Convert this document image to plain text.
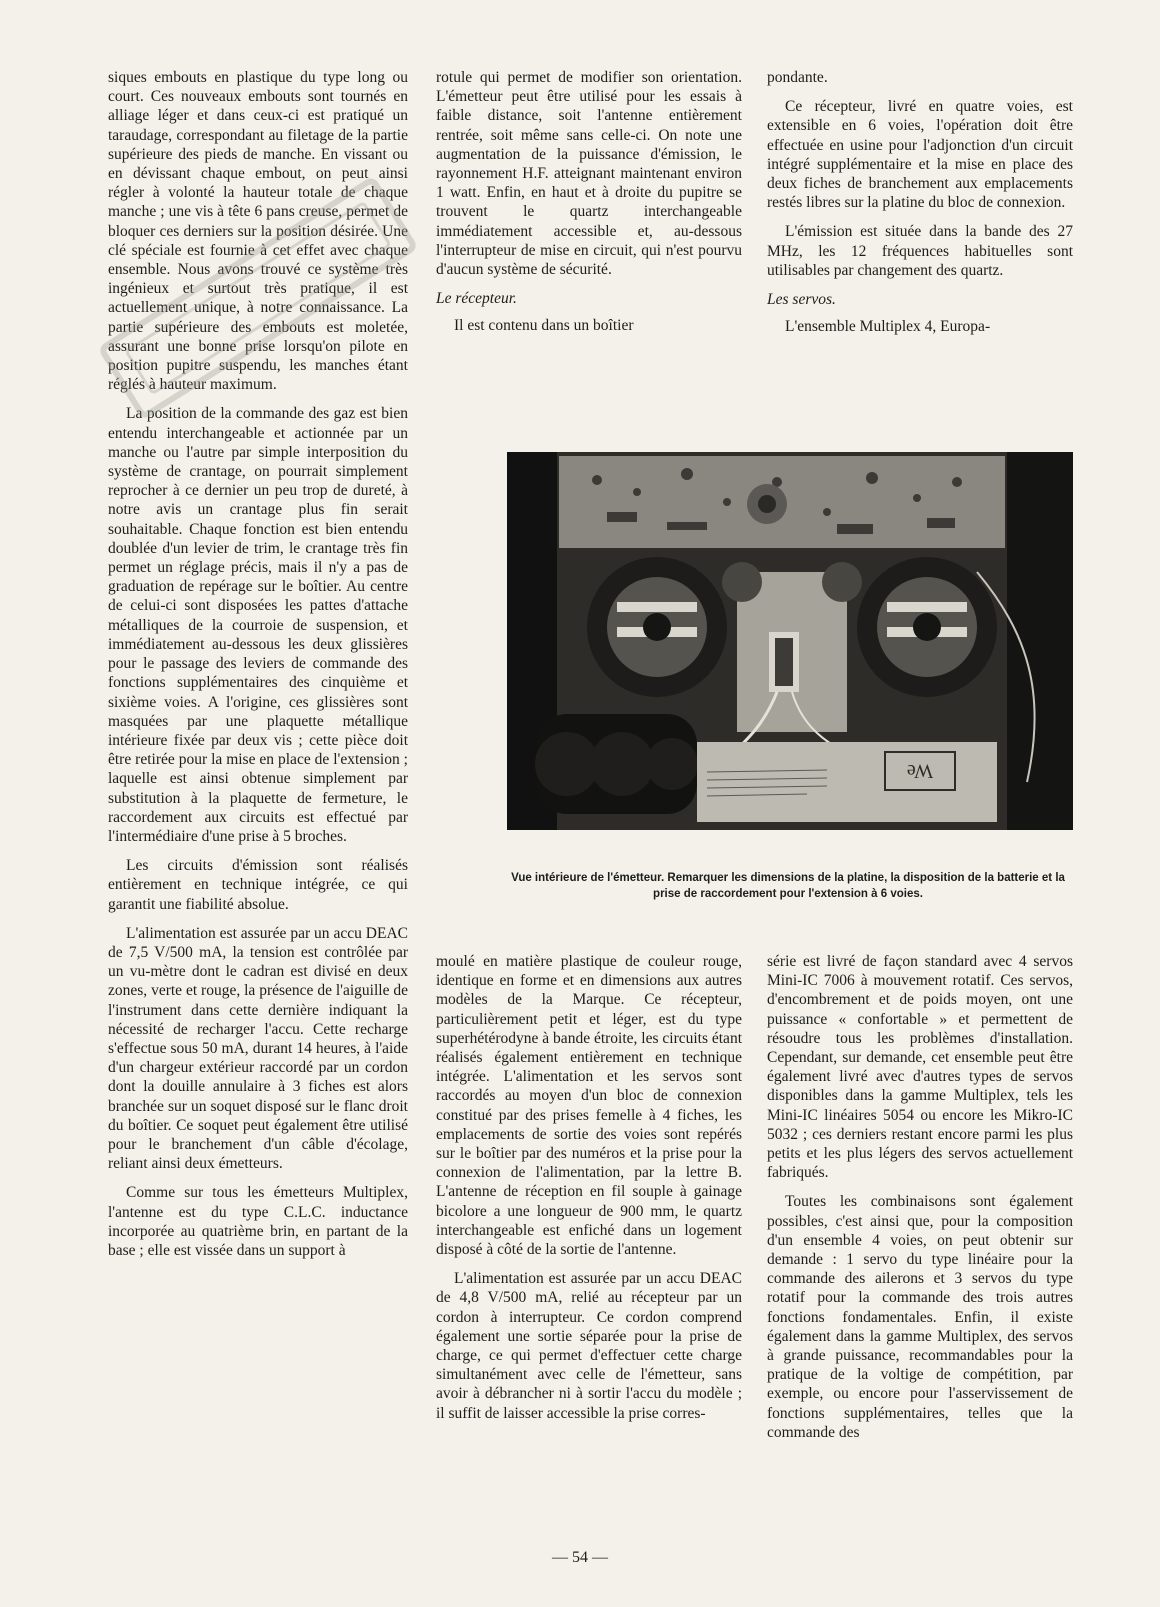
siques embouts en plastique du type long ou court. Ces nouveaux embouts sont tournés en alliage léger et dans ceux-ci est pratiqué un taraudage, correspondant au filetage de la partie supérieure des pieds de manche. En vissant ou en dévissant chaque embout, on peut ainsi régler à volonté la hauteur totale de chaque manche ; une vis à tête 6 pans creuse, permet de bloquer ces derniers sur la position désirée. Une clé spéciale est fournie à cet effet avec chaque ensemble. Nous avons trouvé ce système très ingénieux et surtout très pratique, il est actuellement unique, à notre connaissance. La partie supérieure des embouts est moletée, assurant une bonne prise lorsqu'on pilote en position pupitre suspendu, les manches étant réglés à hauteur maximum.

La position de la commande des gaz est bien entendu interchangeable et actionnée par un manche ou l'autre par simple interposition du système de crantage, on pourrait simplement reprocher à ce dernier un peu trop de dureté, à notre avis un crantage plus fin serait souhaitable. Chaque fonction est bien entendu doublée d'un levier de trim, le crantage très fin permet un réglage précis, mais il n'y a pas de graduation de repérage sur le boîtier. Au centre de celui-ci sont disposées les pattes d'attache métalliques de la courroie de suspension, et immédiatement au-dessous les deux glissières pour le passage des leviers de commande des fonctions supplémentaires des cinquième et sixième voies. A l'origine, ces glissières sont masquées par une plaquette métallique intérieure fixée par deux vis ; cette pièce doit être retirée pour la mise en place de l'extension ; laquelle est ainsi obtenue simplement par substitution à la plaquette de fermeture, le raccordement aux circuits est effectué par l'intermédiaire d'une prise à 5 broches.

Les circuits d'émission sont réalisés entièrement en technique intégrée, ce qui garantit une fiabilité absolue.

L'alimentation est assurée par un accu DEAC de 7,5 V/500 mA, la tension est contrôlée par un vu-mètre dont le cadran est divisé en deux zones, verte et rouge, la présence de l'aiguille de l'instrument dans cette dernière indiquant la nécessité de recharger l'accu. Cette recharge s'effectue sous 50 mA, durant 14 heures, à l'aide d'un chargeur extérieur raccordé par un cordon dont la douille annulaire à 3 fiches est alors branchée sur un soquet disposé sur le flanc droit du boîtier. Ce soquet peut également être utilisé pour le branchement d'un câble d'écolage, reliant ainsi deux émetteurs.

Comme sur tous les émetteurs Multiplex, l'antenne est du type C.L.C. inductance incorporée au quatrième brin, en partant de la base ; elle est vissée dans un support à

rotule qui permet de modifier son orientation. L'émetteur peut être utilisé pour les essais à faible distance, soit l'antenne entièrement rentrée, soit même sans celle-ci. On note une augmentation de la puissance d'émission, le rayonnement H.F. atteignant maintenant environ 1 watt. Enfin, en haut et à droite du pupitre se trouvent le quartz interchangeable immédiatement accessible et, au-dessous l'interrupteur de mise en circuit, qui n'est pourvu d'aucun système de sécurité.

Le récepteur.

Il est contenu dans un boîtier

pondante.

Ce récepteur, livré en quatre voies, est extensible en 6 voies, l'opération doit être effectuée en usine pour l'adjonction d'un circuit intégré supplémentaire et la mise en place des deux fiches de branchement aux emplacements restés libres sur la platine du bloc de connexion.

L'émission est située dans la bande des 27 MHz, les 12 fréquences habituelles sont utilisables par changement des quartz.

Les servos.

L'ensemble Multiplex 4, Europa-

We
Vue intérieure de l'émetteur. Remarquer les dimensions de la platine, la disposition de la batterie et la prise de raccordement pour l'extension à 6 voies.

moulé en matière plastique de couleur rouge, identique en forme et en dimensions aux autres modèles de la Marque. Ce récepteur, particulièrement petit et léger, est du type superhétérodyne à bande étroite, les circuits étant réalisés également entièrement en technique intégrée. L'alimentation et les servos sont raccordés au moyen d'un bloc de connexion constitué par des prises femelle à 4 fiches, les emplacements de sortie des voies sont repérés sur le boîtier par des numéros et la prise pour la connexion de l'alimentation, par la lettre B. L'antenne de réception en fil souple à gainage bicolore a une longueur de 900 mm, le quartz interchangeable est enfiché dans un logement disposé à côté de la sortie de l'antenne.

L'alimentation est assurée par un accu DEAC de 4,8 V/500 mA, relié au récepteur par un cordon à interrupteur. Ce cordon comprend également une sortie séparée pour la prise de charge, ce qui permet d'effectuer cette charge simultanément avec celle de l'émetteur, sans avoir à débrancher ni à sortir l'accu du modèle ; il suffit de laisser accessible la prise corres-

série est livré de façon standard avec 4 servos Mini-IC 7006 à mouvement rotatif. Ces servos, d'encombrement et de poids moyen, ont une puissance « confortable » et permettent de résoudre tous les problèmes d'installation. Cependant, sur demande, cet ensemble peut être également livré avec d'autres types de servos disponibles dans la gamme Multiplex, tels les Mini-IC linéaires 5054 ou encore les Mikro-IC 5032 ; ces derniers restant encore parmi les plus petits et les plus légers des servos actuellement fabriqués.

Toutes les combinaisons sont également possibles, c'est ainsi que, pour la composition d'un ensemble 4 voies, on peut obtenir sur demande : 1 servo du type linéaire pour la commande des ailerons et 3 servos du type rotatif pour la commande des trois autres fonctions fondamentales. Enfin, il existe également dans la gamme Multiplex, des servos à grande puissance, recommandables pour la pratique de la voltige de compétition, par exemple, ou encore pour l'asservissement de fonctions supplémentaires, telles que la commande des

— 54 —
